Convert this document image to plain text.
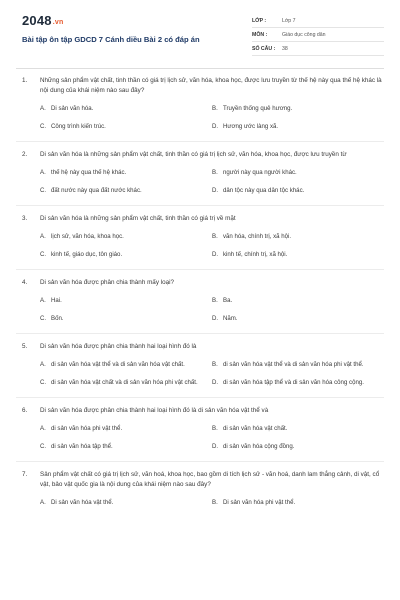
2048.vn
Bài tập ôn tập GDCD 7 Cánh diều Bài 2 có đáp án
LỚP :	Lớp 7
MÔN :	Giáo dục công dân
SỐ CÂU :	38
1.	Những sản phẩm vật chất, tinh thần có giá trị lịch sử, văn hóa, khoa học, được lưu truyền từ thế hệ này qua thế hệ khác là nội dung của khái niệm nào sau đây?
A. Di sản văn hóa.	B. Truyền thống quê hương.
C. Công trình kiến trúc.	D. Hương ước làng xã.
2.	Di sản văn hóa là những sản phẩm vật chất, tinh thần có giá trị lịch sử, văn hóa, khoa học, được lưu truyền từ
A. thế hệ này qua thế hệ khác.	B. người này qua người khác.
C. đất nước này qua đất nước khác.	D. dân tộc này qua dân tộc khác.
3.	Di sản văn hóa là những sản phẩm vật chất, tinh thần có giá trị về mặt
A. lịch sử, văn hóa, khoa học.	B. văn hóa, chính trị, xã hội.
C. kinh tế, giáo dục, tôn giáo.	D. kinh tế, chính trị, xã hội.
4.	Di sản văn hóa được phân chia thành mấy loại?
A. Hai.	B. Ba.
C. Bốn.	D. Năm.
5.	Di sản văn hóa được phân chia thành hai loại hình đó là
A. di sản văn hóa vật thể và di sản văn hóa vật chất.	B. di sản văn hóa vật thể và di sản văn hóa phi vật thể.
C. di sản văn hóa vật chất và di sản văn hóa phi vật chất.	D. di sản văn hóa tập thể và di sản văn hóa công cộng.
6.	Di sản văn hóa được phân chia thành hai loại hình đó là di sản văn hóa vật thể và
A. di sản văn hóa phi vật thể.	B. di sản văn hóa vật chất.
C. di sản văn hóa tập thể.	D. di sản văn hóa cộng đồng.
7.	Sản phẩm vật chất có giá trị lịch sử, văn hoá, khoa học, bao gồm di tích lịch sử - văn hoá, danh lam thắng cảnh, di vật, cổ vật, bảo vật quốc gia là nội dung của khái niệm nào sau đây?
A. Di sản văn hóa vật thể.	B. Di sản văn hóa phi vật thể.
